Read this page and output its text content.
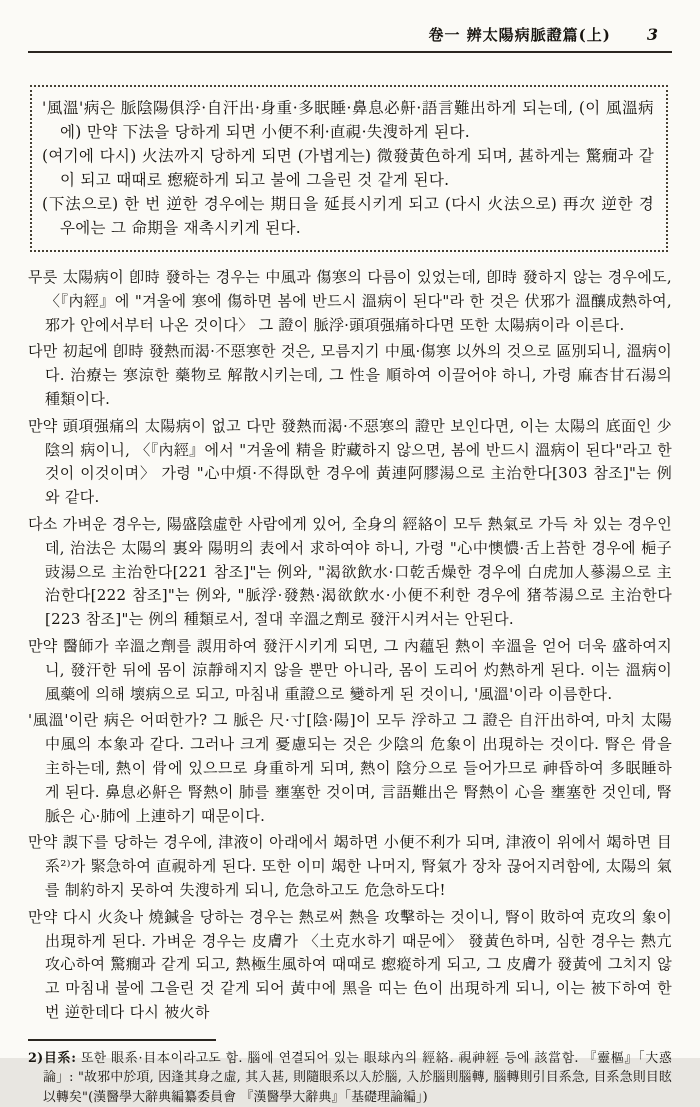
卷一 辨太陽病脈證篇(上) 3

'風溫'病은 脈陰陽俱浮·自汗出·身重·多眠睡·鼻息必鼾·語言難出하게 되는데, (이 風溫病에) 만약 下法을 당하게 되면 小便不利·直視·失溲하게 된다.

(여기에 다시) 火法까지 당하게 되면 (가볍게는) 微發黃色하게 되며, 甚하게는 驚癇과 같이 되고 때때로 瘛瘲하게 되고 불에 그을린 것 같게 된다.

(下法으로) 한 번 逆한 경우에는 期日을 延長시키게 되고 (다시 火法으로) 再次 逆한 경우에는 그 命期을 재촉시키게 된다.

무릇 太陽病이 卽時 發하는 경우는 中風과 傷寒의 다름이 있었는데, 卽時 發하지 않는 경우에도, 〈『內經』에 "겨울에 寒에 傷하면 봄에 반드시 溫病이 된다"라 한 것은 伏邪가 溫釀成熱하여, 邪가 안에서부터 나온 것이다〉 그 證이 脈浮·頭項强痛하다면 또한 太陽病이라 이른다.

다만 初起에 卽時 發熱而渴·不惡寒한 것은, 모름지기 中風·傷寒 以外의 것으로 區別되니, 溫病이다. 治療는 寒涼한 藥物로 解散시키는데, 그 性을 順하여 이끌어야 하니, 가령 麻杏甘石湯의 種類이다.

만약 頭項强痛의 太陽病이 없고 다만 發熱而渴·不惡寒의 證만 보인다면, 이는 太陽의 底面인 少陰의 病이니, 〈『內經』에서 "겨울에 精을 貯藏하지 않으면, 봄에 반드시 溫病이 된다"라고 한 것이 이것이며〉 가령 "心中煩·不得臥한 경우에 黃連阿膠湯으로 主治한다[303 참조]"는 例와 같다.

다소 가벼운 경우는, 陽盛陰虛한 사람에게 있어, 全身의 經絡이 모두 熱氣로 가득 차 있는 경우인데, 治法은 太陽의 裏와 陽明의 表에서 求하여야 하니, 가령 "心中懊憹·舌上苔한 경우에 梔子豉湯으로 主治한다[221 참조]"는 例와, "渴欲飲水·口乾舌燥한 경우에 白虎加人蔘湯으로 主治한다[222 참조]"는 例와, "脈浮·發熱·渴欲飲水·小便不利한 경우에 猪苓湯으로 主治한다[223 참조]"는 例의 種類로서, 절대 辛溫之劑로 發汗시켜서는 안된다.

만약 醫師가 辛溫之劑를 誤用하여 發汗시키게 되면, 그 內蘊된 熱이 辛溫을 얻어 더욱 盛하여지니, 發汗한 뒤에 몸이 涼靜해지지 않을 뿐만 아니라, 몸이 도리어 灼熱하게 된다. 이는 溫病이 風藥에 의해 壞病으로 되고, 마침내 重證으로 變하게 된 것이니, '風溫'이라 이름한다.

'風溫'이란 病은 어떠한가? 그 脈은 尺·寸[陰·陽]이 모두 浮하고 그 證은 自汗出하여, 마치 太陽中風의 本象과 같다. 그러나 크게 憂慮되는 것은 少陰의 危象이 出現하는 것이다. 腎은 骨을 主하는데, 熱이 骨에 있으므로 身重하게 되며, 熱이 陰分으로 들어가므로 神昏하여 多眠睡하게 된다. 鼻息必鼾은 腎熱이 肺를 壅塞한 것이며, 言語難出은 腎熱이 心을 壅塞한 것인데, 腎脈은 心·肺에 上連하기 때문이다.

만약 誤下를 당하는 경우에, 津液이 아래에서 竭하면 小便不利가 되며, 津液이 위에서 竭하면 目系²⁾가 緊急하여 直視하게 된다. 또한 이미 竭한 나머지, 腎氣가 장차 끊어지려함에, 太陽의 氣를 制約하지 못하여 失溲하게 되니, 危急하고도 危急하도다!

만약 다시 火灸나 燒鍼을 당하는 경우는 熱로써 熱을 攻擊하는 것이니, 腎이 敗하여 克攻의 象이 出現하게 된다. 가벼운 경우는 皮膚가 〈土克水하기 때문에〉 發黃色하며, 심한 경우는 熱亢攻心하여 驚癇과 같게 되고, 熱極生風하여 때때로 瘛瘲하게 되고, 그 皮膚가 發黃에 그치지 않고 마침내 불에 그을린 것 같게 되어 黃中에 黑을 띠는 色이 出現하게 되니, 이는 被下하여 한 번 逆한데다 다시 被火하

2)目系: 또한 眼系·目本이라고도 함. 腦에 연결되어 있는 眼球內의 經絡. 視神經 등에 該當함. 『靈樞』「大惑論」: "故邪中於項, 因逢其身之虛, 其入甚, 則隨眼系以入於腦, 入於腦則腦轉, 腦轉則引目系急, 目系急則目眩以轉矣"(漢醫學大辭典編纂委員會 『漢醫學大辭典』「基礎理論編」)
